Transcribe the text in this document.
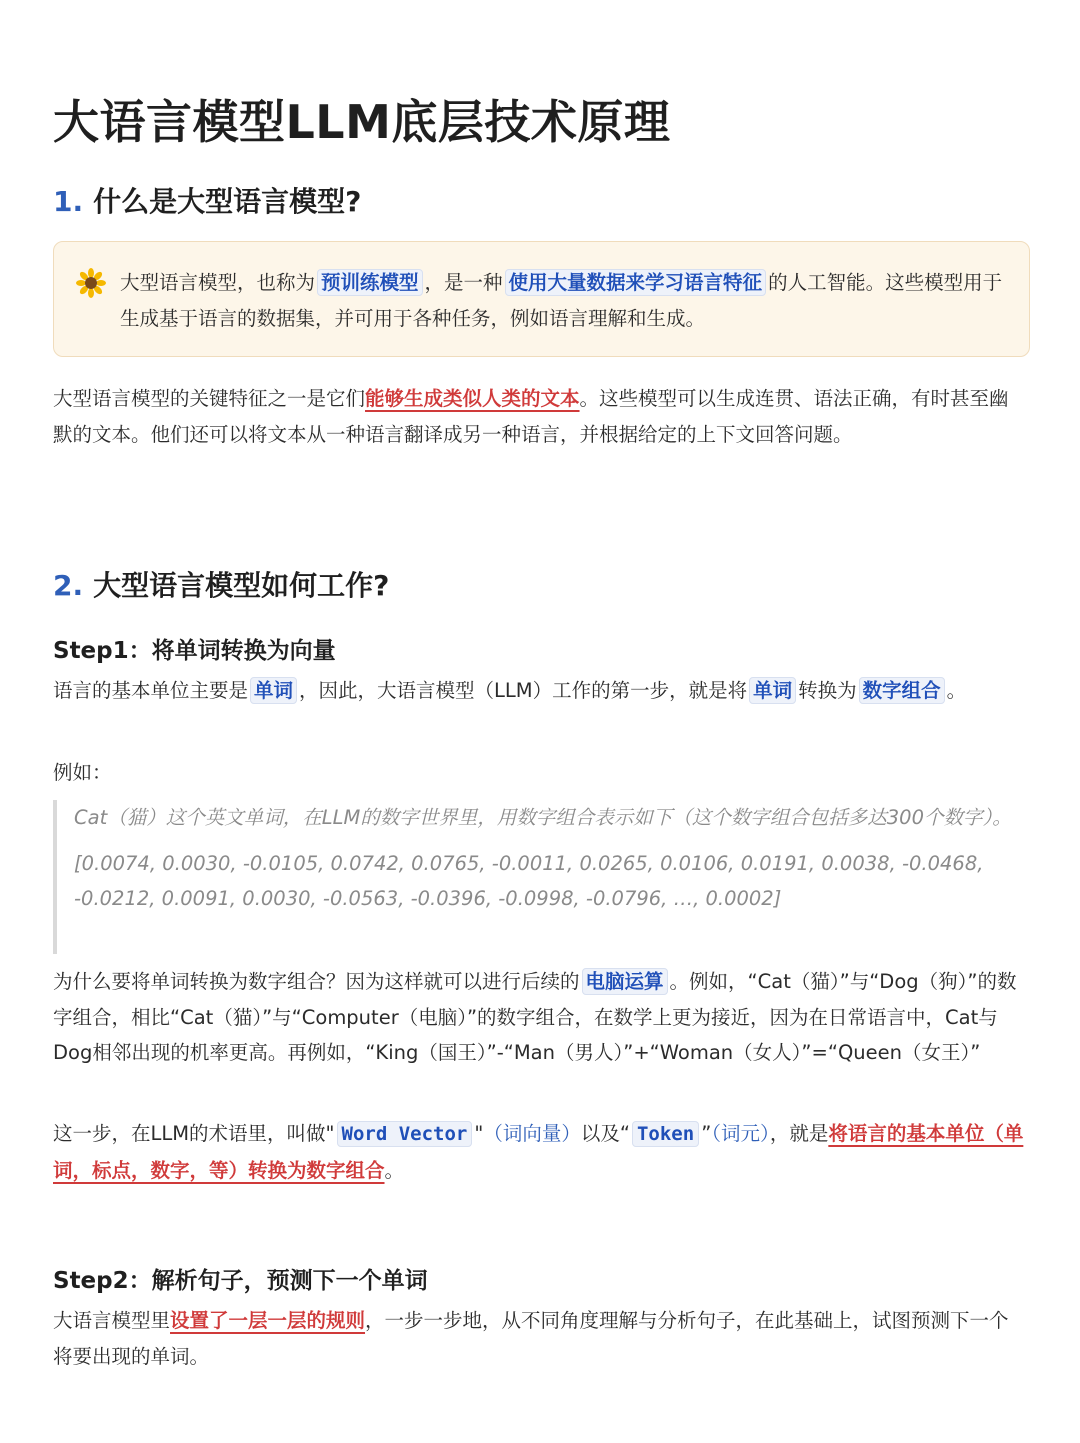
大语言模型LLM底层技术原理
1. 什么是大型语言模型?

大型语言模型，也称为 预训练模型 ，是一种 使用大量数据来学习语言特征 的人工智能。这些模型用于生成基于语言的数据集，并可用于各种任务，例如语言理解和生成。

大型语言模型的关键特征之一是它们能够生成类似人类的文本。这些模型可以生成连贯、语法正确，有时甚至幽默的文本。他们还可以将文本从一种语言翻译成另一种语言，并根据给定的上下文回答问题。

2. 大型语言模型如何工作?
Step1：将单词转换为向量

语言的基本单位主要是 单词 ，因此，大语言模型（LLM）工作的第一步，就是将 单词 转换为 数字组合 。

例如：

Cat（猫）这个英文单词，在LLM的数字世界里，用数字组合表示如下（这个数字组合包括多达300个数字）。

[0.0074, 0.0030, -0.0105, 0.0742, 0.0765, -0.0011, 0.0265, 0.0106, 0.0191, 0.0038, -0.0468, -0.0212, 0.0091, 0.0030, -0.0563, -0.0396, -0.0998, -0.0796, …, 0.0002]

为什么要将单词转换为数字组合？因为这样就可以进行后续的 电脑运算 。例如，“Cat（猫）”与“Dog（狗）”的数字组合，相比“Cat（猫）”与“Computer（电脑）”的数字组合，在数学上更为接近，因为在日常语言中，Cat与Dog相邻出现的机率更高。再例如，“King（国王）”-“Man（男人）”+“Woman（女人）”=“Queen（女王）”

这一步，在LLM的术语里，叫做" Word Vector "（词向量）以及“ Token ”（词元），就是将语言的基本单位（单词，标点，数字，等）转换为数字组合。

Step2：解析句子，预测下一个单词

大语言模型里设置了一层一层的规则，一步一步地，从不同角度理解与分析句子，在此基础上，试图预测下一个将要出现的单词。
